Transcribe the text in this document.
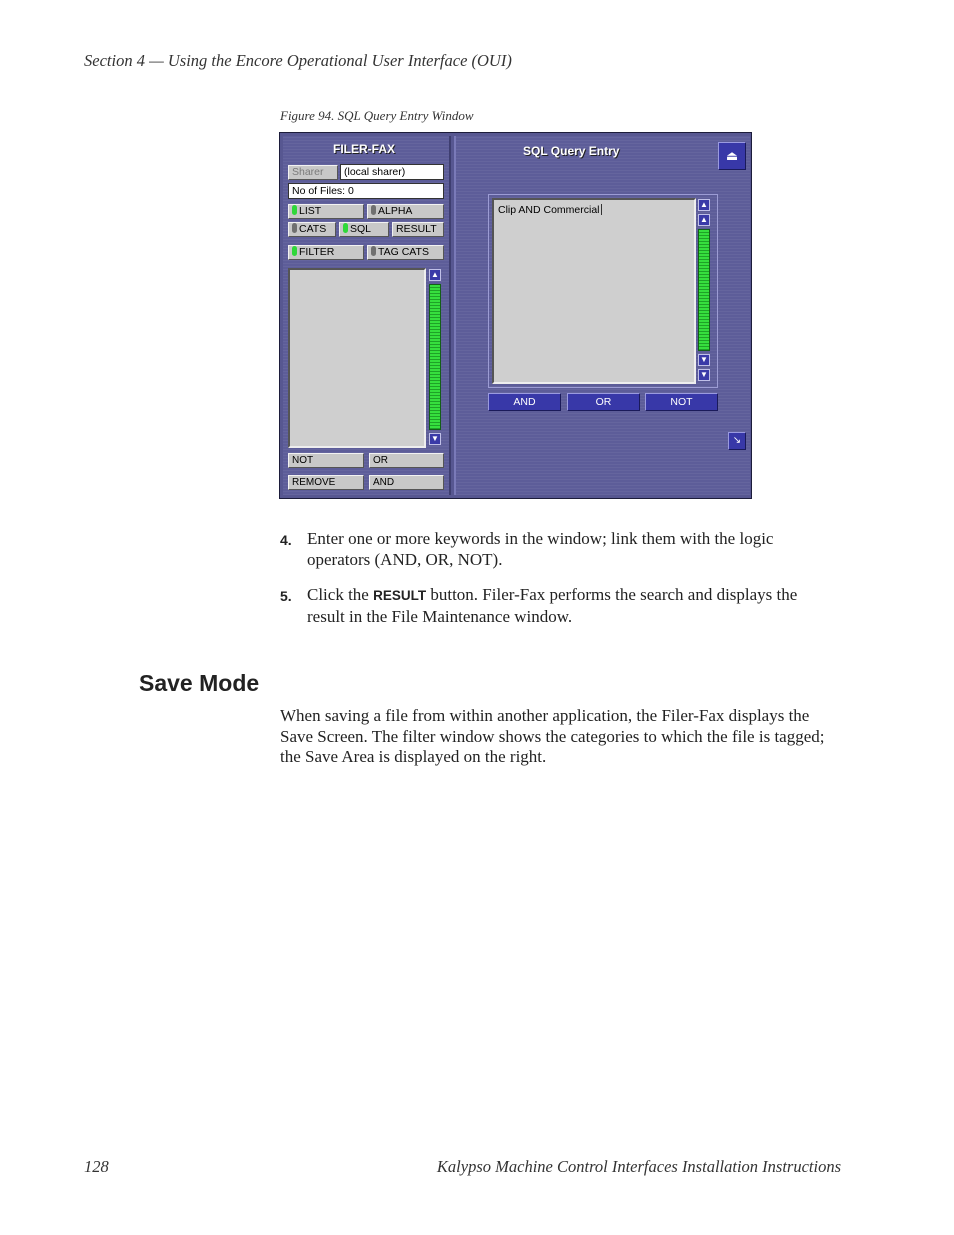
Section 4 — Using the Encore Operational User Interface (OUI)
Figure 94. SQL Query Entry Window
FILER-FAX
Sharer	(local sharer)
No of Files: 0
LIST	ALPHA
CATS	SQL	RESULT
FILTER	TAG CATS
▲
▼
NOT	OR
REMOVE	AND
SQL Query Entry	⏏
Clip AND Commercial	▲
▲
▼
▼
AND	OR	NOT
↘
4. Enter one or more keywords in the window; link them with the logic
operators (AND, OR, NOT).
5. Click the RESULT button. Filer-Fax performs the search and displays the
result in the File Maintenance window.
Save Mode
When saving a file from within another application, the Filer-Fax displays the Save Screen. The filter window shows the categories to which the file is tagged; the Save Area is displayed on the right.
128	Kalypso Machine Control Interfaces Installation Instructions
